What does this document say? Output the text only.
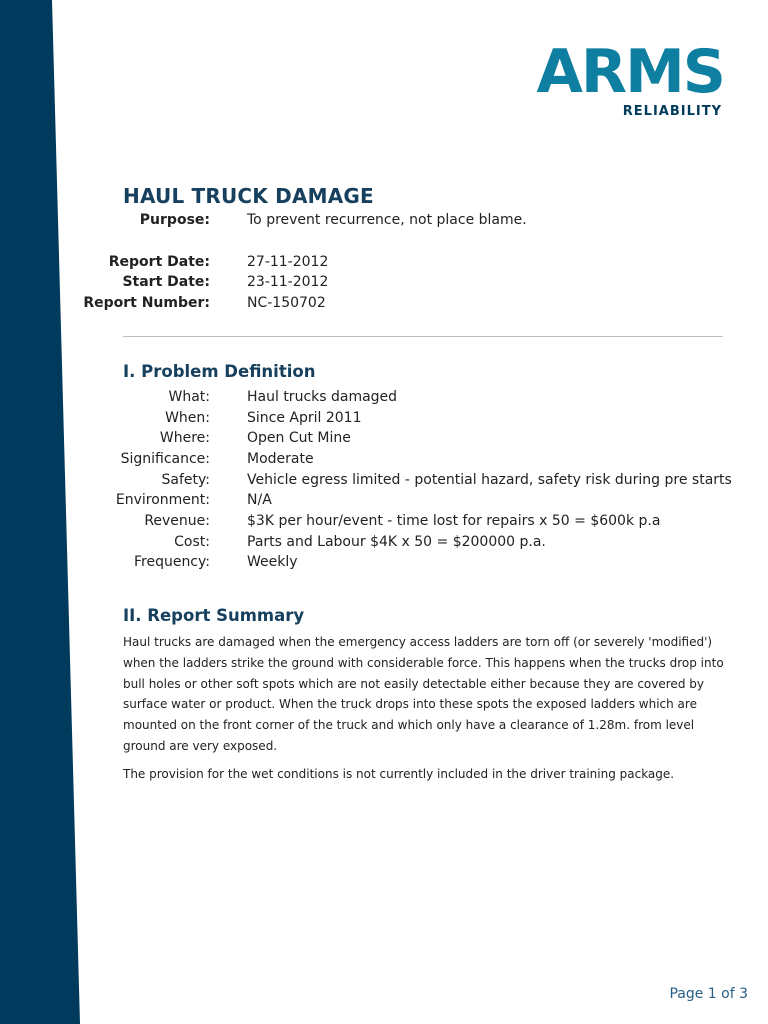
ARMS
RELIABILITY
HAUL TRUCK DAMAGE
Purpose:	To prevent recurrence, not place blame.
Report Date:	27-11-2012
Start Date:	23-11-2012
Report Number:	NC-150702
I. Problem Definition
What:	Haul trucks damaged
When:	Since April 2011
Where:	Open Cut Mine
Significance:	Moderate
Safety:	Vehicle egress limited - potential hazard, safety risk during pre starts
Environment:	N/A
Revenue:	$3K per hour/event - time lost for repairs x 50 = $600k p.a
Cost:	Parts and Labour $4K x 50 = $200000 p.a.
Frequency:	Weekly
II. Report Summary
Haul trucks are damaged when the emergency access ladders are torn off (or severely 'modified') when the ladders strike the ground with considerable force. This happens when the trucks drop into bull holes or other soft spots which are not easily detectable either because they are covered by surface water or product. When the truck drops into these spots the exposed ladders which are mounted on the front corner of the truck and which only have a clearance of 1.28m. from level ground are very exposed.
The provision for the wet conditions is not currently included in the driver training package.
Page 1 of 3
